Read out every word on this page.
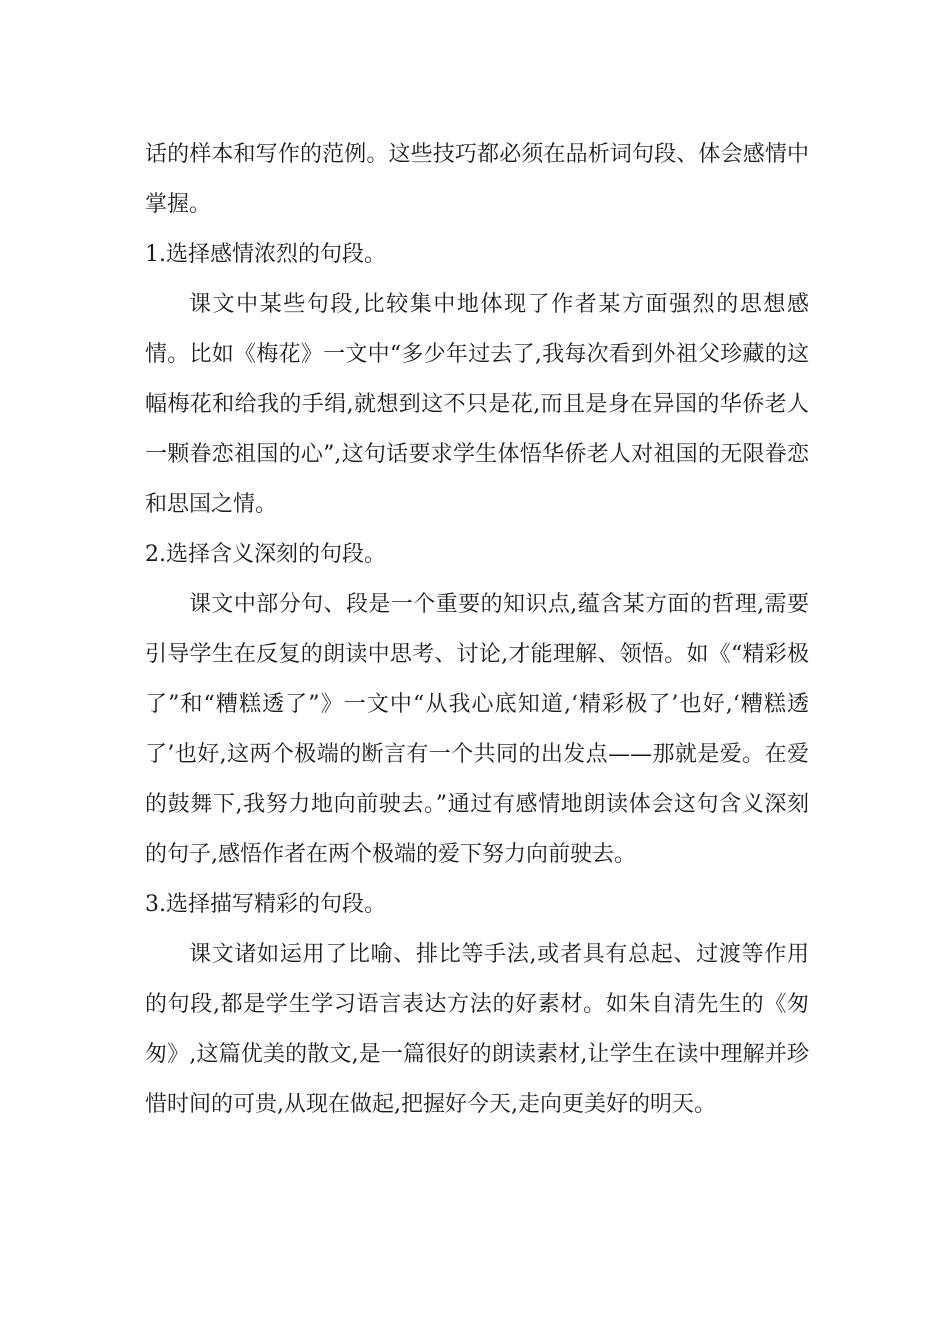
话的样本和写作的范例。这些技巧都必须在品析词句段、体会感情中掌握。

1.选择感情浓烈的句段。

课文中某些句段,比较集中地体现了作者某方面强烈的思想感情。比如《梅花》一文中“多少年过去了,我每次看到外祖父珍藏的这幅梅花和给我的手绢,就想到这不只是花,而且是身在异国的华侨老人一颗眷恋祖国的心”,这句话要求学生体悟华侨老人对祖国的无限眷恋和思国之情。

2.选择含义深刻的句段。

课文中部分句、段是一个重要的知识点,蕴含某方面的哲理,需要引导学生在反复的朗读中思考、讨论,才能理解、领悟。如《“精彩极了”和“糟糕透了”》一文中“从我心底知道,‘精彩极了’也好,‘糟糕透了’也好,这两个极端的断言有一个共同的出发点——那就是爱。在爱的鼓舞下,我努力地向前驶去。”通过有感情地朗读体会这句含义深刻的句子,感悟作者在两个极端的爱下努力向前驶去。

3.选择描写精彩的句段。

课文诸如运用了比喻、排比等手法,或者具有总起、过渡等作用的句段,都是学生学习语言表达方法的好素材。如朱自清先生的《匆匆》,这篇优美的散文,是一篇很好的朗读素材,让学生在读中理解并珍惜时间的可贵,从现在做起,把握好今天,走向更美好的明天。
